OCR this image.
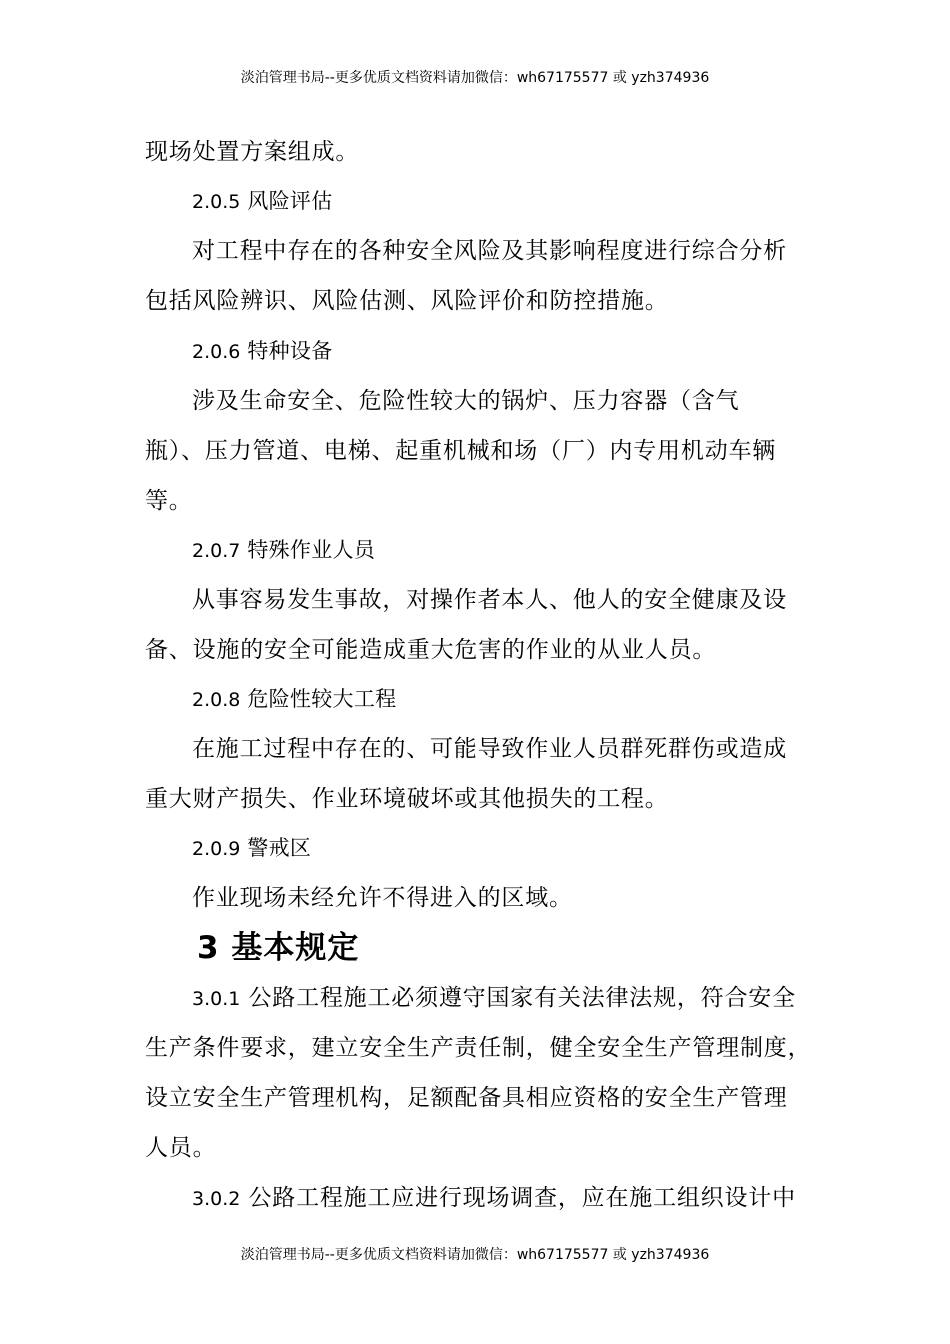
淡泊管理书局--更多优质文档资料请加微信：wh67175577 或 yzh374936
现场处置方案组成。
2.0.5 风险评估
对工程中存在的各种安全风险及其影响程度进行综合分析
包括风险辨识、风险估测、风险评价和防控措施。
2.0.6 特种设备
涉及生命安全、危险性较大的锅炉、压力容器（含气
瓶）、压力管道、电梯、起重机械和场（厂）内专用机动车辆
等。
2.0.7 特殊作业人员
从事容易发生事故，对操作者本人、他人的安全健康及设
备、设施的安全可能造成重大危害的作业的从业人员。
2.0.8 危险性较大工程
在施工过程中存在的、可能导致作业人员群死群伤或造成
重大财产损失、作业环境破坏或其他损失的工程。
2.0.9 警戒区
作业现场未经允许不得进入的区域。
3 基本规定
3.0.1 公路工程施工必须遵守国家有关法律法规，符合安全
生产条件要求，建立安全生产责任制，健全安全生产管理制度，
设立安全生产管理机构，足额配备具相应资格的安全生产管理
人员。
3.0.2 公路工程施工应进行现场调查，应在施工组织设计中
淡泊管理书局--更多优质文档资料请加微信：wh67175577 或 yzh374936
